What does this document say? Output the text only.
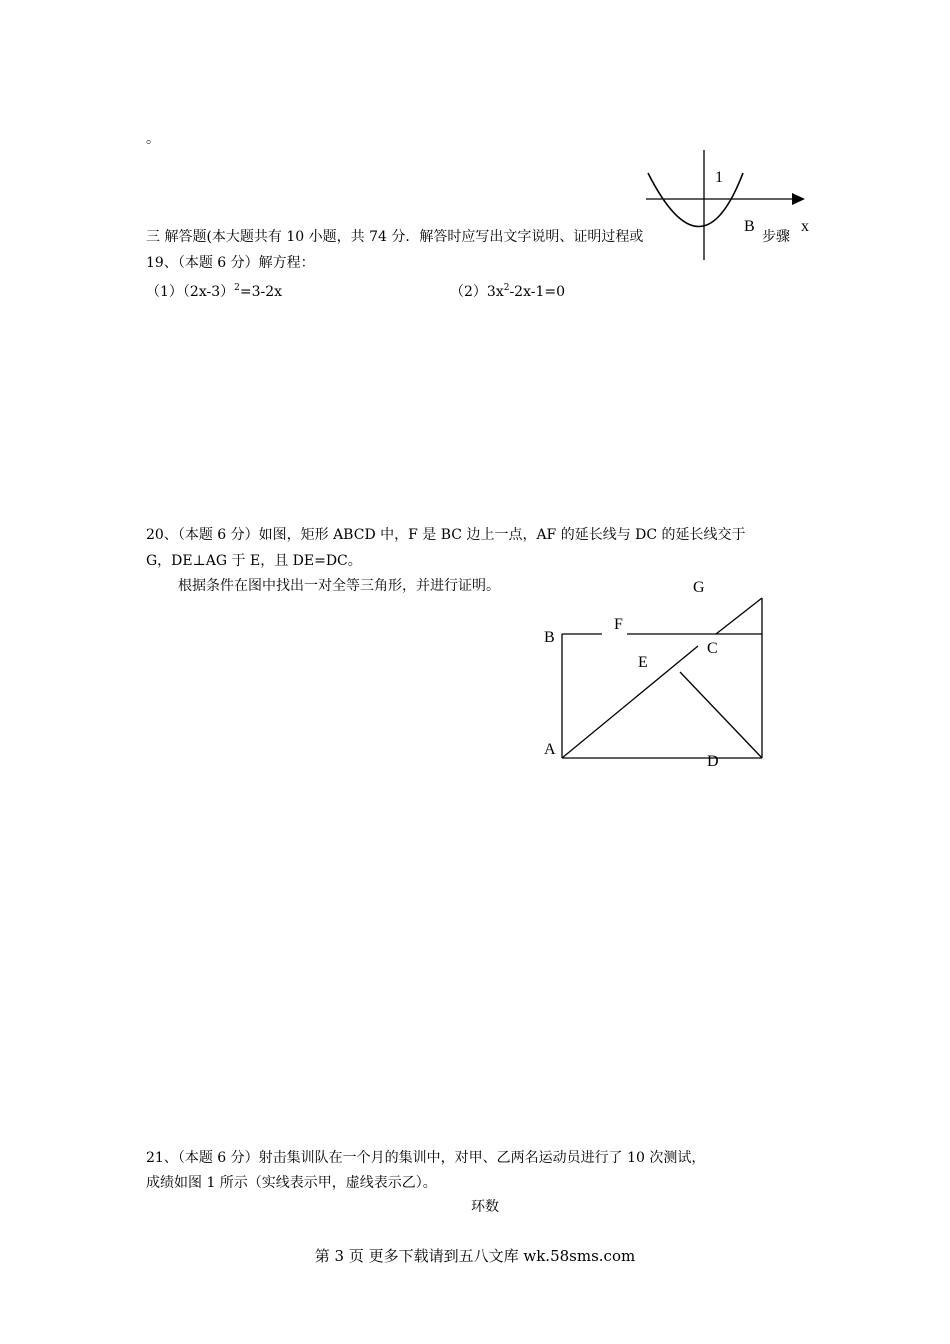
。
三 解答题(本大题共有 10 小题，共 74 分．解答时应写出文字说明、证明过程或	步骤
1
B	x
19、（本题 6 分）解方程：
$(1)(2x-3)^2=3-2x$	$(2)3x^2-2x-1=0$
20、（本题 6 分）如图，矩形 ABCD 中，F 是 BC 边上一点，AF 的延长线与 DC 的延长线交于
G，DE⊥AG 于 E，且 DE=DC。
根据条件在图中找出一对全等三角形，并进行证明。
B
F
G
C
E
A
D
21、（本题 6 分）射击集训队在一个月的集训中，对甲、乙两名运动员进行了 10 次测试，
成绩如图 1 所示（实线表示甲，虚线表示乙）。
环数
第 3 页 更多下载请到五八文库 wk.58sms.com
